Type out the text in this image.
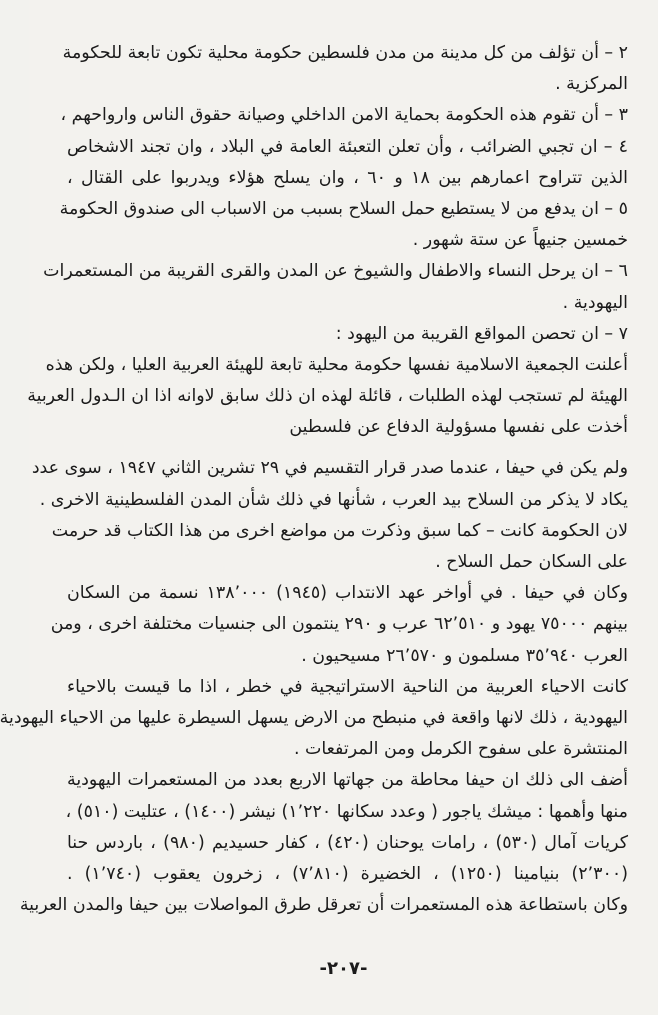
٢ – أن تؤلف من كل مدينة من مدن فلسطين حكومة محلية تكون تابعة للحكومة
المركزية .
٣ – أن تقوم هذه الحكومة بحماية الامن الداخلي وصيانة حقوق الناس وارواحهم ،
٤ – ان تجبي الضرائب ، وأن تعلن التعبئة العامة في البلاد ، وان تجند الاشخاص
الذين تتراوح اعمارهم بين ١٨ و ٦٠ ، وان يسلح هؤلاء ويدربوا على القتال ،
٥ – ان يدفع من لا يستطيع حمل السلاح بسبب من الاسباب الى صندوق الحكومة
خمسين جنيهاً عن ستة شهور .
٦ – ان يرحل النساء والاطفال والشيوخ عن المدن والقرى القريبة من المستعمرات
اليهودية .
٧ – ان تحصن المواقع القريبة من اليهود :
أعلنت الجمعية الاسلامية نفسها حكومة محلية تابعة للهيئة العربية العليا ، ولكن هذه
الهيئة لم تستجب لهذه الطلبات ، قائلة لهذه ان ذلك سابق لاوانه اذا ان الـدول العربية
أخذت على نفسها مسؤولية الدفاع عن فلسطين
ولم يكن في حيفا ، عندما صدر قرار التقسيم في ٢٩ تشرين الثاني ١٩٤٧ ، سوى عدد
يكاد لا يذكر من السلاح بيد العرب ، شأنها في ذلك شأن المدن الفلسطينية الاخرى .
لان الحكومة كانت – كما سبق وذكرت من مواضع اخرى من هذا الكتاب قد حرمت
على السكان حمل السلاح .
وكان في حيفا . في أواخر عهد الانتداب (١٩٤٥) ١٣٨٬٠٠٠ نسمة من السكان
بينهم ٧٥٠٠٠ يهود و ٦٢٬٥١٠ عرب و ٢٩٠ ينتمون الى جنسيات مختلفة اخرى ، ومن
العرب ٣٥٬٩٤٠ مسلمون و ٢٦٬٥٧٠ مسيحيون .
كانت الاحياء العربية من الناحية الاستراتيجية في خطر ، اذا ما قيست بالاحياء
اليهودية ، ذلك لانها واقعة في منبطح من الارض يسهل السيطرة عليها من الاحياء اليهودية
المنتشرة على سفوح الكرمل ومن المرتفعات .
أضف الى ذلك ان حيفا محاطة من جهاتها الاربع بعدد من المستعمرات اليهودية
منها وأهمها : ميشك ياجور ( وعدد سكانها ١٬٢٢٠) نيشر (١٤٠٠) ، عتليت (٥١٠) ،
كريات آمال (٥٣٠) ، رامات يوحنان (٤٢٠) ، كفار حسيديم (٩٨٠) ، باردس حنا
(٢٬٣٠٠) بنيامينا (١٢٥٠) ، الخضيرة (٧٬٨١٠) ، زخرون يعقوب (١٬٧٤٠) .
وكان باستطاعة هذه المستعمرات أن تعرقل طرق المواصلات بين حيفا والمدن العربية
-٢٠٧-
